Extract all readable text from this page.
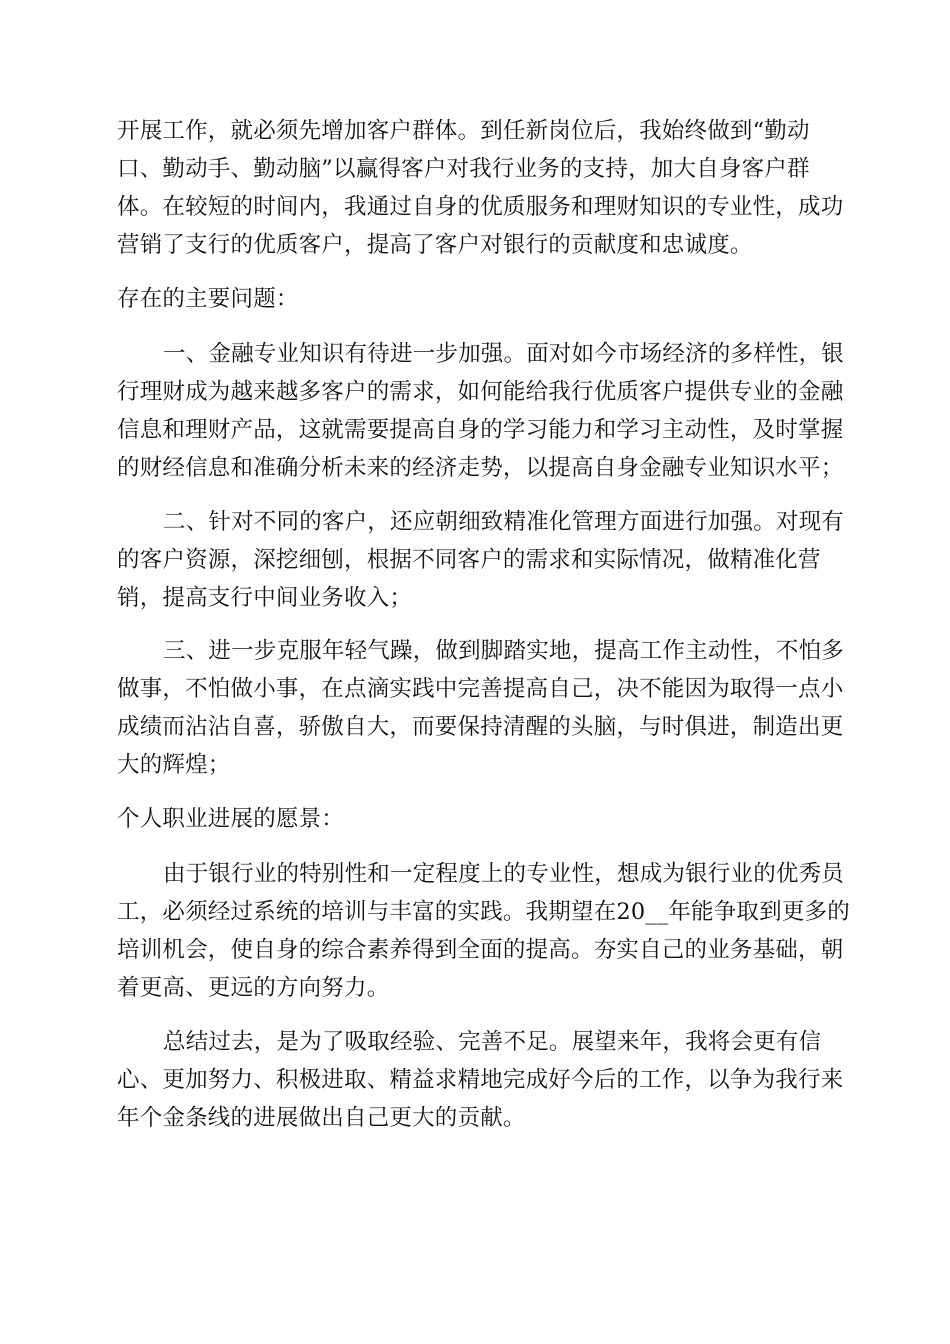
开展工作，就必须先增加客户群体。到任新岗位后，我始终做到“勤动
口、勤动手、勤动脑”以赢得客户对我行业务的支持，加大自身客户群
体。在较短的时间内，我通过自身的优质服务和理财知识的专业性，成功
营销了支行的优质客户，提高了客户对银行的贡献度和忠诚度。
存在的主要问题：
一、金融专业知识有待进一步加强。面对如今市场经济的多样性，银
行理财成为越来越多客户的需求，如何能给我行优质客户提供专业的金融
信息和理财产品，这就需要提高自身的学习能力和学习主动性，及时掌握
的财经信息和准确分析未来的经济走势，以提高自身金融专业知识水平；
二、针对不同的客户，还应朝细致精准化管理方面进行加强。对现有
的客户资源，深挖细刨，根据不同客户的需求和实际情况，做精准化营
销，提高支行中间业务收入；
三、进一步克服年轻气躁，做到脚踏实地，提高工作主动性，不怕多
做事，不怕做小事，在点滴实践中完善提高自己，决不能因为取得一点小
成绩而沾沾自喜，骄傲自大，而要保持清醒的头脑，与时俱进，制造出更
大的辉煌；
个人职业进展的愿景：
由于银行业的特别性和一定程度上的专业性，想成为银行业的优秀员
工，必须经过系统的培训与丰富的实践。我期望在20__年能争取到更多的
培训机会，使自身的综合素养得到全面的提高。夯实自己的业务基础，朝
着更高、更远的方向努力。
总结过去，是为了吸取经验、完善不足。展望来年，我将会更有信
心、更加努力、积极进取、精益求精地完成好今后的工作，以争为我行来
年个金条线的进展做出自己更大的贡献。
